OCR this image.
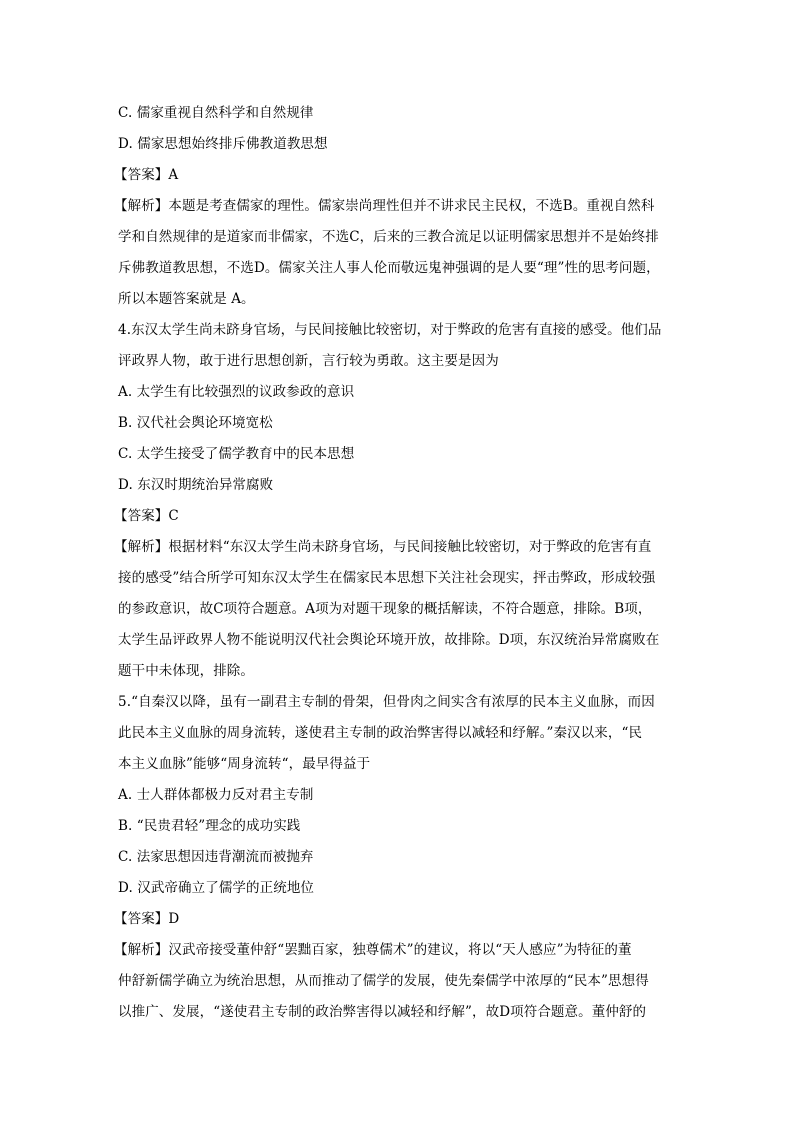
C. 儒家重视自然科学和自然规律
D. 儒家思想始终排斥佛教道教思想
【答案】A
【解析】本题是考查儒家的理性。儒家崇尚理性但并不讲求民主民权，不选B。重视自然科
学和自然规律的是道家而非儒家，不选C，后来的三教合流足以证明儒家思想并不是始终排
斥佛教道教思想，不选D。儒家关注人事人伦而敬远鬼神强调的是人要“理”性的思考问题，
所以本题答案就是 A。
4.东汉太学生尚未跻身官场，与民间接触比较密切，对于弊政的危害有直接的感受。他们品
评政界人物，敢于进行思想创新，言行较为勇敢。这主要是因为
A. 太学生有比较强烈的议政参政的意识
B. 汉代社会舆论环境宽松
C. 太学生接受了儒学教育中的民本思想
D. 东汉时期统治异常腐败
【答案】C
【解析】根据材料“东汉太学生尚未跻身官场，与民间接触比较密切，对于弊政的危害有直
接的感受”结合所学可知东汉太学生在儒家民本思想下关注社会现实，抨击弊政，形成较强
的参政意识，故C项符合题意。A项为对题干现象的概括解读，不符合题意，排除。B项，
太学生品评政界人物不能说明汉代社会舆论环境开放，故排除。D项，东汉统治异常腐败在
题干中未体现，排除。
5.“自秦汉以降，虽有一副君主专制的骨架，但骨肉之间实含有浓厚的民本主义血脉，而因
此民本主义血脉的周身流转，遂使君主专制的政治弊害得以减轻和纾解。”秦汉以来，“民
本主义血脉”能够“周身流转“，最早得益于
A. 士人群体都极力反对君主专制
B. “民贵君轻”理念的成功实践
C. 法家思想因违背潮流而被抛弃
D. 汉武帝确立了儒学的正统地位
【答案】D
【解析】汉武帝接受董仲舒“罢黜百家，独尊儒术”的建议，将以“天人感应”为特征的董
仲舒新儒学确立为统治思想，从而推动了儒学的发展，使先秦儒学中浓厚的“民本”思想得
以推广、发展，“遂使君主专制的政治弊害得以减轻和纾解”，故D项符合题意。董仲舒的
